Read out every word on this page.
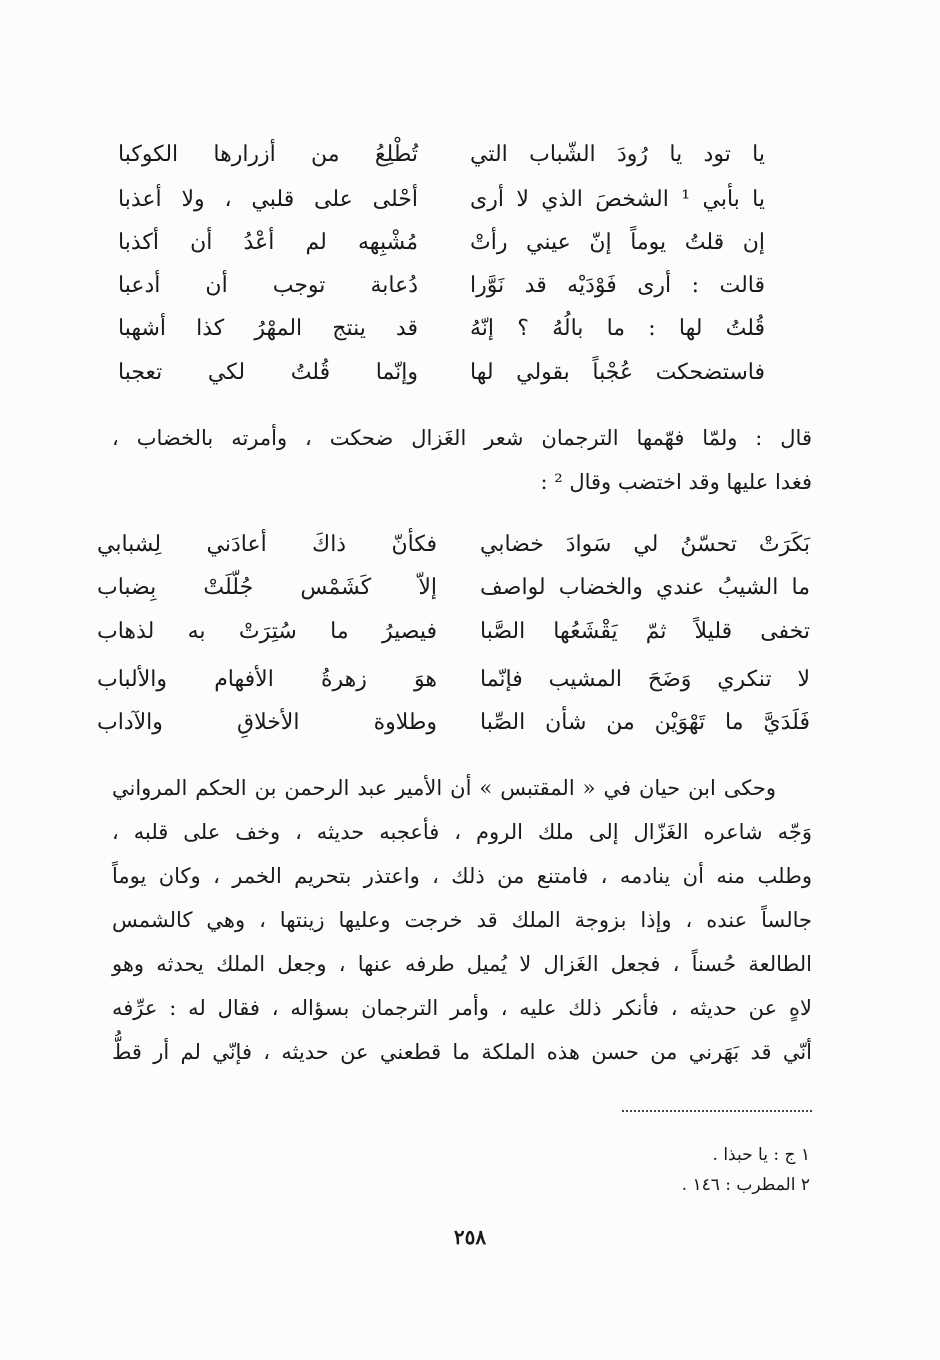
يا تود يا رُودَ الشّباب التي
تُطْلِعُ من أزرارها الكوكبا
يا بأبي ¹ الشخصَ الذي لا أرى
أحْلى على قلبي ، ولا أعذبا
إن قلتُ يوماً إنّ عيني رأتْ
مُشْبِهه لم أعْدُ أن أكذبا
قالت : أرى فَوْدَيْه قد نَوَّرا
دُعابة توجب أن أدعبا
قُلتُ لها : ما بالُهُ ؟ إنّهُ
قد ينتج المهْرُ كذا أشهبا
فاستضحكت عُجْباً بقولي لها
وإنّما قُلتُ لكي تعجبا
قال : ولمّا فهّمها الترجمان شعر الغَزال ضحكت ، وأمرته بالخضاب ،
فغدا عليها وقد اختضب وقال ² :
بَكَرَتْ تحسّنُ لي سَوادَ خضابي
فكأنّ ذاكَ أعادَني لِشبابي
ما الشيبُ عندي والخضاب لواصف
إلاّ كَشَمْس جُلّلَتْ بِضباب
تخفى قليلاً ثمّ يَقْشَعُها الصَّبا
فيصيرُ ما سُتِرَتْ به لذهاب
لا تنكري وَضَحَ المشيب فإنّما
هوَ زهرةُ الأفهام والألباب
فَلَدَيَّ ما تَهْوَيْن من شأن الصِّبا
وطلاوة الأخلاقِ والآداب
وحكى ابن حيان في « المقتبس » أن الأمير عبد الرحمن بن الحكم المرواني
وَجّه شاعره الغَزّال إلى ملك الروم ، فأعجبه حديثه ، وخف على قلبه ،
وطلب منه أن ينادمه ، فامتنع من ذلك ، واعتذر بتحريم الخمر ، وكان يوماً
جالساً عنده ، وإذا بزوجة الملك قد خرجت وعليها زينتها ، وهي كالشمس
الطالعة حُسناً ، فجعل الغَزال لا يُميل طرفه عنها ، وجعل الملك يحدثه وهو
لاهٍ عن حديثه ، فأنكر ذلك عليه ، وأمر الترجمان بسؤاله ، فقال له : عرِّفه
أنّي قد بَهَرني من حسن هذه الملكة ما قطعني عن حديثه ، فإنّي لم أر قطُّ
١ ج : يا حبذا .
٢ المطرب : ١٤٦ .
٢٥٨
